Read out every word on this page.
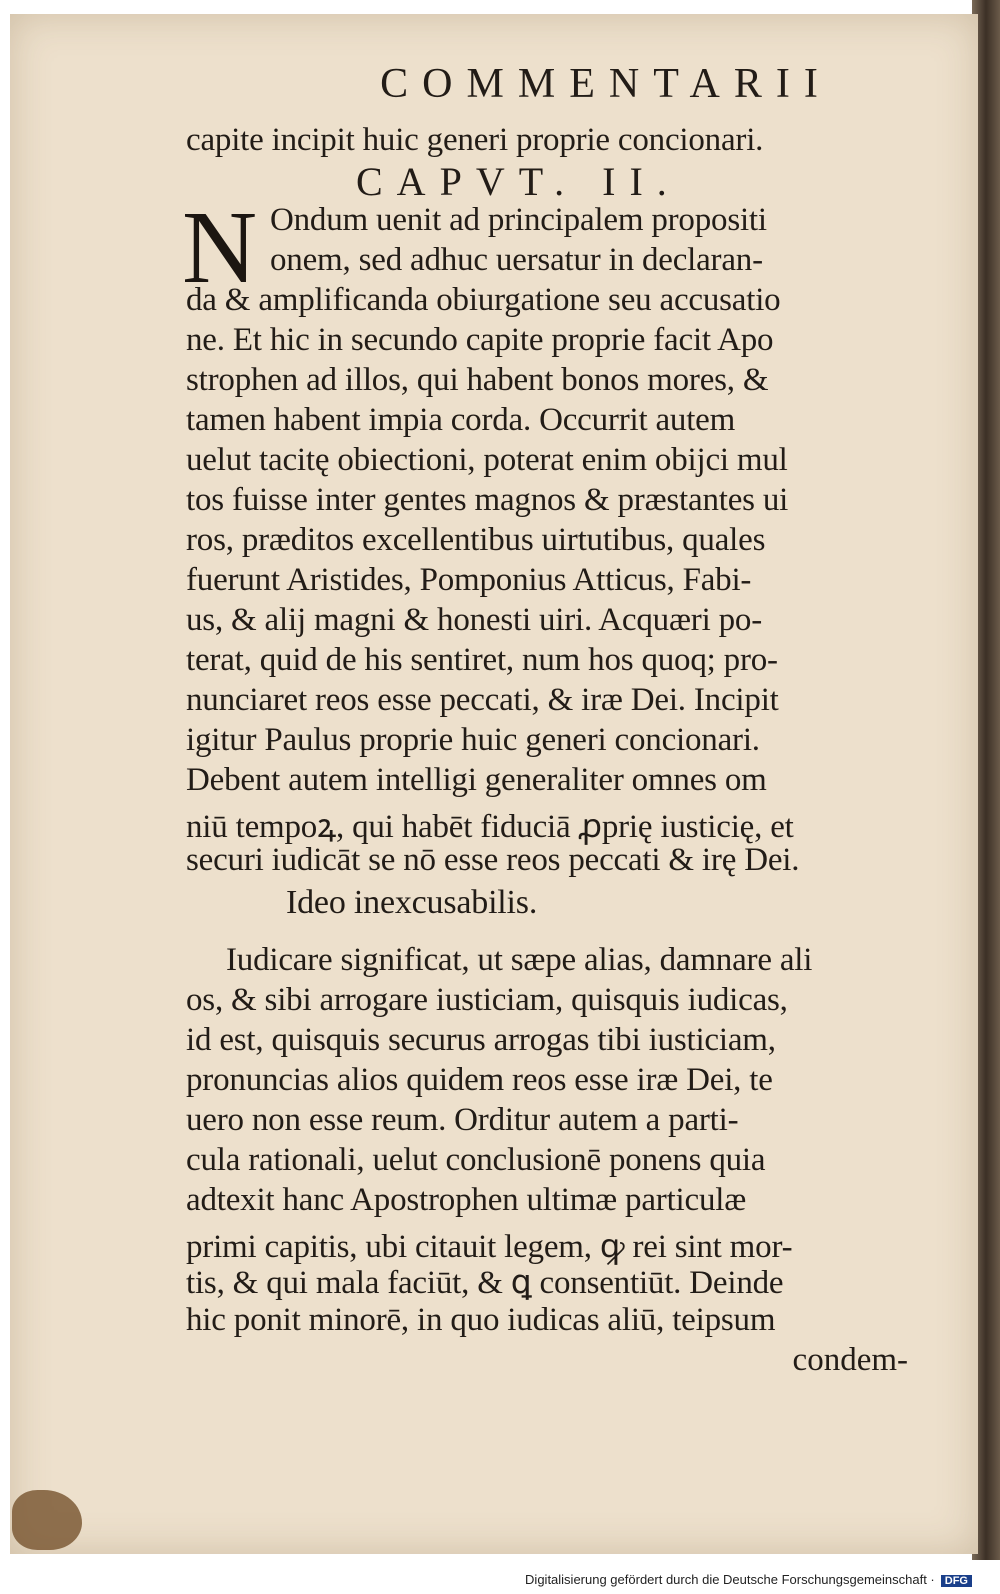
COMMENTARII
capite incipit huic generi proprie concionari.
CAPVT. II.
N Ondum uenit ad principalem propositi
onem, sed adhuc uersatur in declaran-
da & amplificanda obiurgatione seu accusatio
ne. Et hic in secundo capite proprie facit Apo
strophen ad illos, qui habent bonos mores, &
tamen habent impia corda. Occurrit autem
uelut tacitę obiectioni, poterat enim obijci mul
tos fuisse inter gentes magnos & præstantes ui
ros, præditos excellentibus uirtutibus, quales
fuerunt Aristides, Pomponius Atticus, Fabi-
us, & alij magni & honesti uiri. Acquæri po-
terat, quid de his sentiret, num hos quoq; pro-
nunciaret reos esse peccati, & iræ Dei. Incipit
igitur Paulus proprie huic generi concionari.
Debent autem intelligi generaliter omnes om
niū tempoꝝ, qui habēt fiduciā ꝓprię iusticię, et
securi iudicāt se nō esse reos peccati & irę Dei.
Ideo inexcusabilis.
Iudicare significat, ut sæpe alias, damnare ali
os, & sibi arrogare iusticiam, quisquis iudicas,
id est, quisquis securus arrogas tibi iusticiam,
pronuncias alios quidem reos esse iræ Dei, te
uero non esse reum. Orditur autem a parti-
cula rationali, uelut conclusionē ponens quia
adtexit hanc Apostrophen ultimæ particulæ
primi capitis, ubi citauit legem, ꝙ rei sint mor-
tis, & qui mala faciūt, & ꝗ consentiūt. Deinde
hic ponit minorē, in quo iudicas aliū, teipsum
condem-
Digitalisierung gefördert durch die Deutsche Forschungsgemeinschaft · DFG
